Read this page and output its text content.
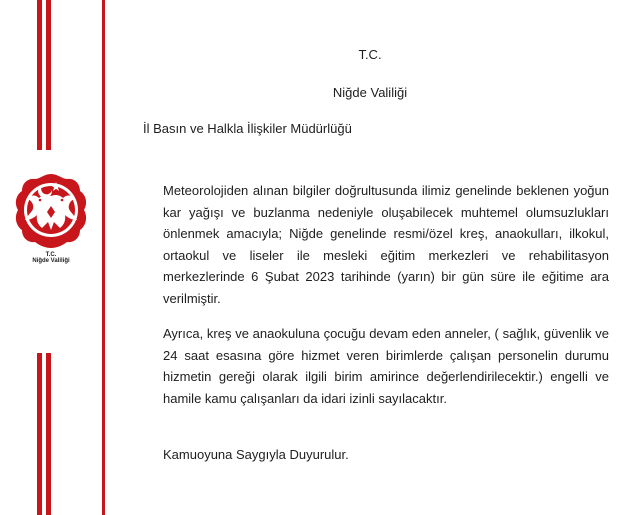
T.C.
Niğde Valiliği
T.C.
Niğde Valiliği
İl Basın ve Halkla İlişkiler Müdürlüğü
Meteorolojiden alınan bilgiler doğrultusunda ilimiz genelinde beklenen yoğun kar yağışı ve buzlanma nedeniyle oluşabilecek muhtemel olumsuzlukları önlenmek amacıyla; Niğde genelinde resmi/özel kreş, anaokulları, ilkokul, ortaokul ve liseler ile mesleki eğitim merkezleri ve rehabilitasyon merkezlerinde 6 Şubat 2023 tarihinde (yarın) bir gün süre ile eğitime ara verilmiştir.
Ayrıca, kreş ve anaokuluna çocuğu devam eden anneler, ( sağlık, güvenlik ve 24 saat esasına göre hizmet veren birimlerde çalışan personelin durumu hizmetin gereği olarak ilgili birim amirince değerlendirilecektir.) engelli ve hamile kamu çalışanları da idari izinli sayılacaktır.
Kamuoyuna Saygıyla Duyurulur.
